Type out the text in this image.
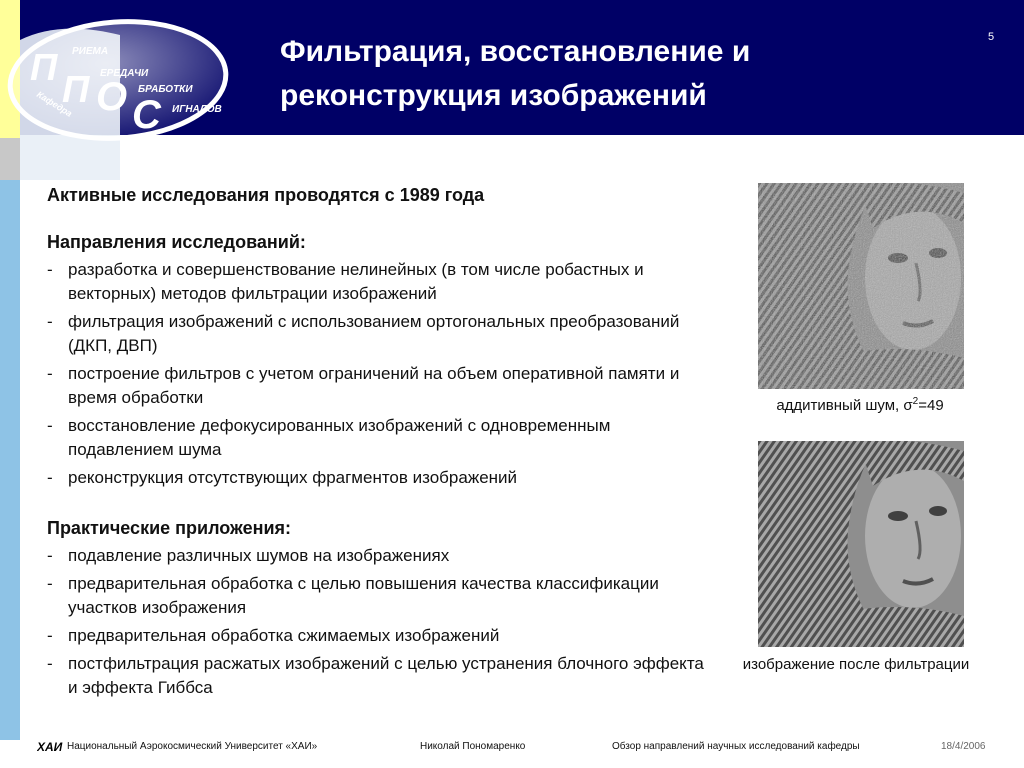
П
П О С
РИЕМА
ЕРЕДАЧИ
БРАБОТКИ
ИГНАЛОВ
Кафедра
Фильтрация, восстановление и
реконструкция изображений
5
Активные исследования проводятся с 1989 года
Направления исследований:
- разработка и совершенствование нелинейных (в том числе робастных и векторных) методов фильтрации изображений
- фильтрация изображений с использованием ортогональных преобразований (ДКП, ДВП)
- построение фильтров с учетом ограничений на объем оперативной памяти и время обработки
- восстановление дефокусированных изображений с одновременным подавлением шума
- реконструкция отсутствующих фрагментов изображений
Практические приложения:
- подавление различных шумов на изображениях
- предварительная обработка с целью повышения качества классификации участков изображения
- предварительная обработка сжимаемых изображений
- постфильтрация расжатых изображений с целью устранения блочного эффекта и эффекта Гиббса
аддитивный шум, $\sigma^2=49$
изображение после фильтрации
ХАИ Национальный Аэрокосмический Университет «ХАИ»	Николай Пономаренко	Обзор направлений научных исследований кафедры	18/4/2006
